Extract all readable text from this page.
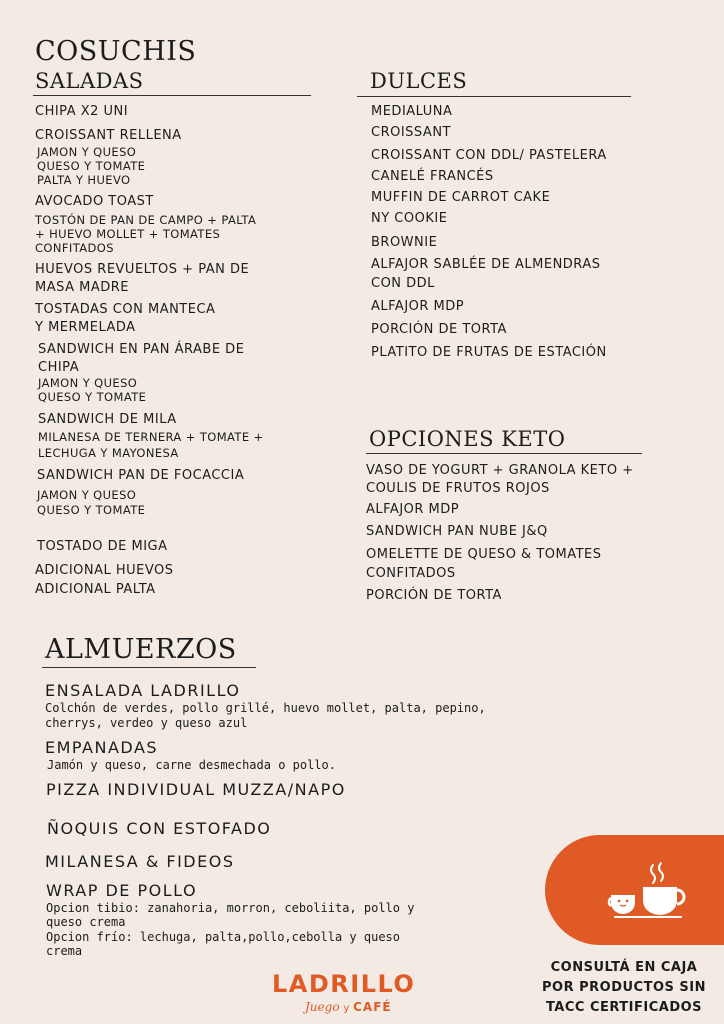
COSUCHIS
SALADAS
CHIPA X2 UNI
CROISSANT RELLENA
JAMON Y QUESO
QUESO Y TOMATE
PALTA Y HUEVO
AVOCADO TOAST
TOSTÓN DE PAN DE CAMPO + PALTA
+ HUEVO MOLLET + TOMATES
CONFITADOS
HUEVOS REVUELTOS + PAN DE
MASA MADRE
TOSTADAS CON MANTECA
Y MERMELADA
SANDWICH EN PAN ÁRABE DE
CHIPA
JAMON Y QUESO
QUESO Y TOMATE
SANDWICH DE MILA
MILANESA DE TERNERA + TOMATE +
LECHUGA Y MAYONESA
SANDWICH PAN DE FOCACCIA
JAMON Y QUESO
QUESO Y TOMATE
TOSTADO DE MIGA
ADICIONAL HUEVOS
ADICIONAL PALTA
DULCES
MEDIALUNA
CROISSANT
CROISSANT CON DDL/ PASTELERA
CANELÉ FRANCÉS
MUFFIN DE CARROT CAKE
NY COOKIE
BROWNIE
ALFAJOR SABLÉE DE ALMENDRAS
CON DDL
ALFAJOR MDP
PORCIÓN DE TORTA
PLATITO DE FRUTAS DE ESTACIÓN
OPCIONES KETO
VASO DE YOGURT + GRANOLA KETO +
COULIS DE FRUTOS ROJOS
ALFAJOR MDP
SANDWICH PAN NUBE J&Q
OMELETTE DE QUESO & TOMATES
CONFITADOS
PORCIÓN DE TORTA
ALMUERZOS
ENSALADA LADRILLO
Colchón de verdes, pollo grillé, huevo mollet, palta, pepino,
cherrys, verdeo y queso azul
EMPANADAS
Jamón y queso, carne desmechada o pollo.
PIZZA INDIVIDUAL MUZZA/NAPO
ÑOQUIS CON ESTOFADO
MILANESA & FIDEOS
WRAP DE POLLO
Opcion tibio: zanahoria, morron, ceboliita, pollo y
queso crema
Opcion frío: lechuga, palta,pollo,cebolla y queso
crema
LADRILLO
Juego y CAFÉ
CONSULTÁ EN CAJA
POR PRODUCTOS SIN
TACC CERTIFICADOS
